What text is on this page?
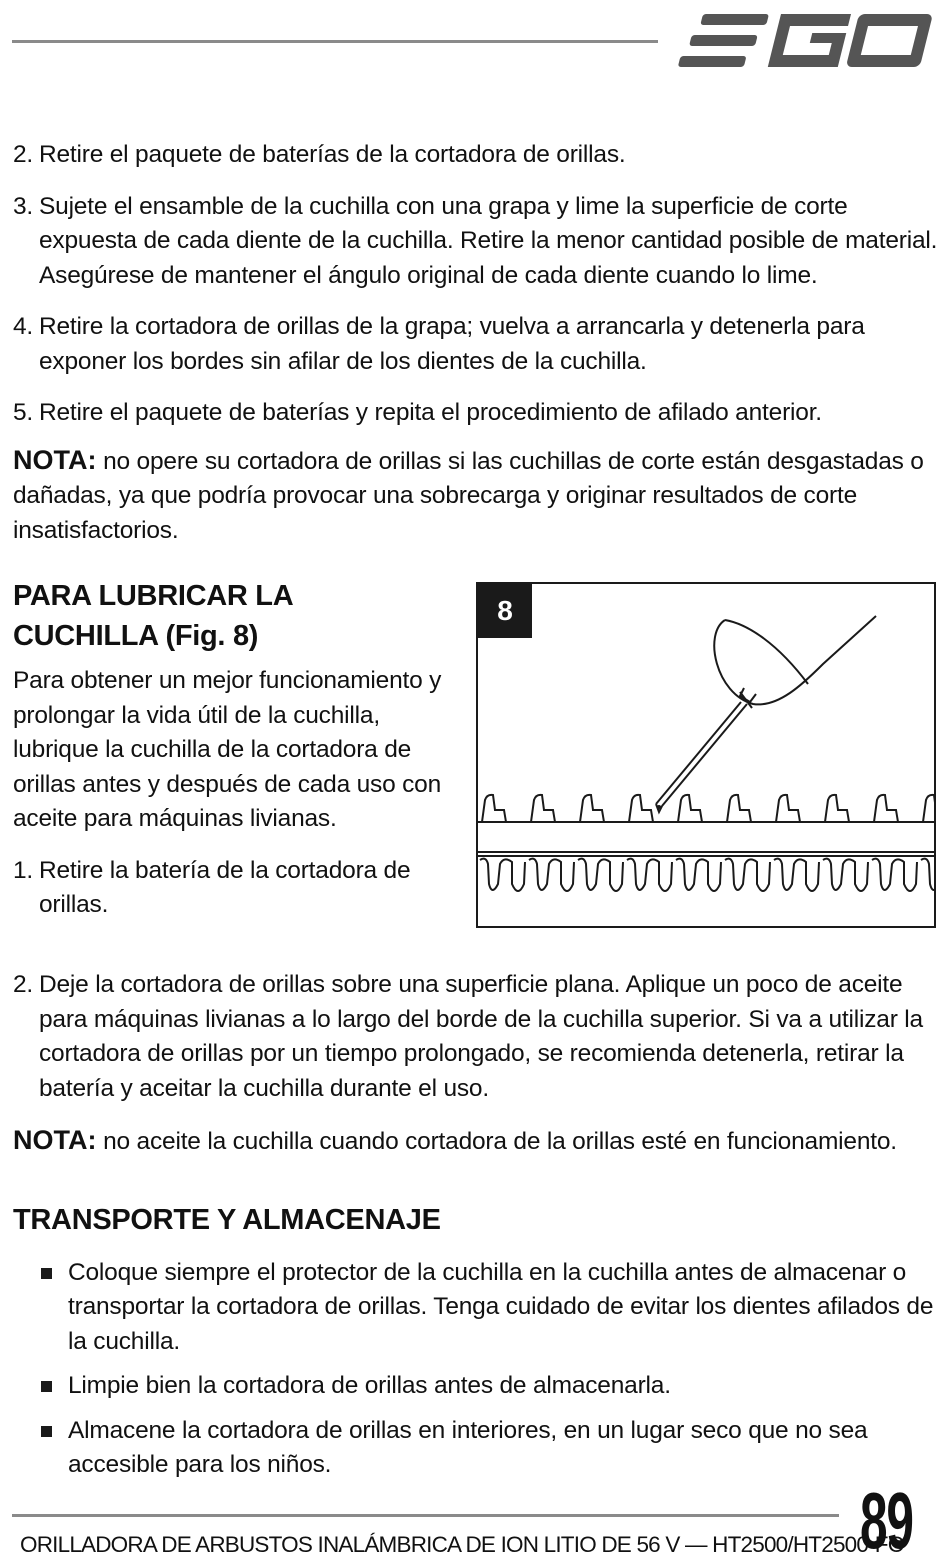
2. Retire el paquete de baterías de la cortadora de orillas.
3. Sujete el ensamble de la cuchilla con una grapa y lime la superficie de corte expuesta de cada diente de la cuchilla. Retire la menor cantidad posible de material. Asegúrese de mantener el ángulo original de cada diente cuando lo lime.
4. Retire la cortadora de orillas de la grapa; vuelva a arrancarla y detenerla para exponer los bordes sin afilar de los dientes de la cuchilla.
5. Retire el paquete de baterías y repita el procedimiento de afilado anterior.
NOTA: no opere su cortadora de orillas si las cuchillas de corte están desgastadas o dañadas, ya que podría provocar una sobrecarga y originar resultados de corte insatisfactorios.
PARA LUBRICAR LA CUCHILLA (Fig. 8)
Para obtener un mejor funcionamiento y prolongar la vida útil de la cuchilla, lubrique la cuchilla de la cortadora de orillas antes y después de cada uso con aceite para máquinas livianas.
1. Retire la batería de la cortadora de orillas.
8
2. Deje la cortadora de orillas sobre una superficie plana. Aplique un poco de aceite para máquinas livianas a lo largo del borde de la cuchilla superior. Si va a utilizar la cortadora de orillas por un tiempo prolongado, se recomienda detenerla, retirar la batería y aceitar la cuchilla durante el uso.
NOTA: no aceite la cuchilla cuando cortadora de la orillas esté en funcionamiento.
TRANSPORTE Y ALMACENAJE
Coloque siempre el protector de la cuchilla en la cuchilla antes de almacenar o transportar la cortadora de orillas. Tenga cuidado de evitar los dientes afilados de la cuchilla.
Limpie bien la cortadora de orillas antes de almacenarla.
Almacene la cortadora de orillas en interiores, en un lugar seco que no sea accesible para los niños.
ORILLADORA DE ARBUSTOS INALÁMBRICA DE ION LITIO DE 56 V — HT2500/HT2500-FC
89
